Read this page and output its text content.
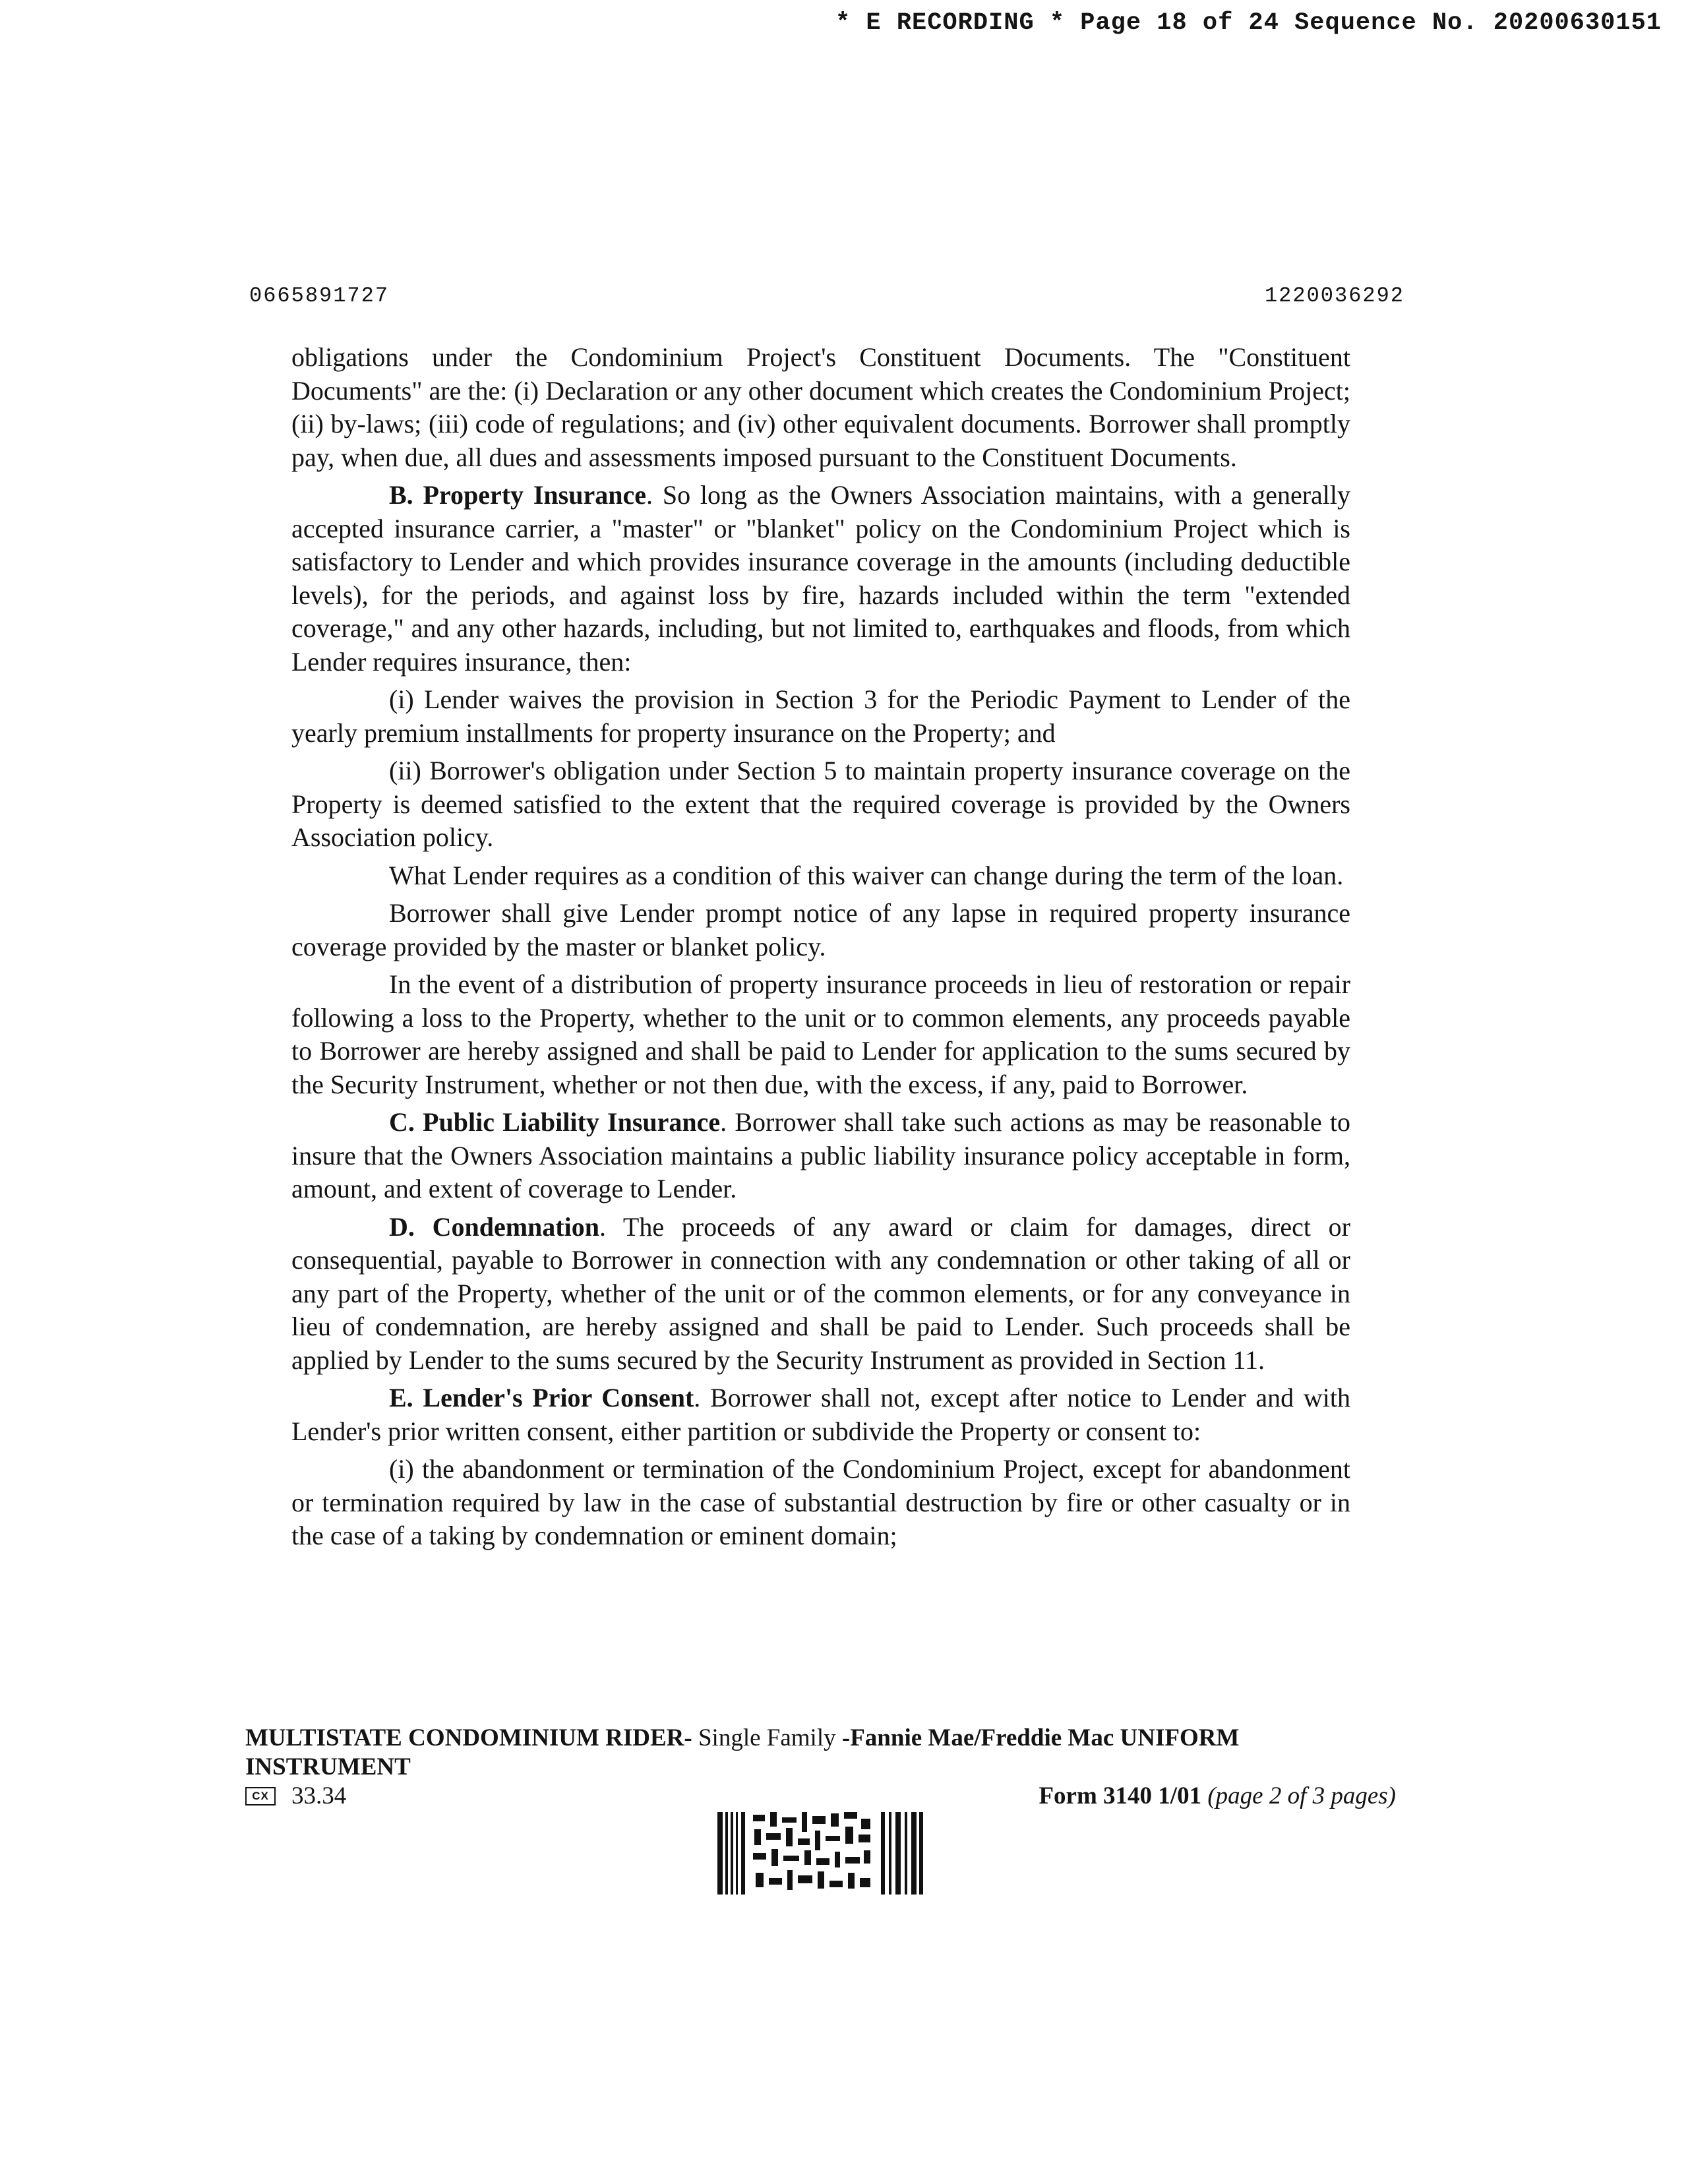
* E RECORDING * Page 18 of 24 Sequence No. 20200630151
0665891727	1220036292

obligations under the Condominium Project's Constituent Documents. The "Constituent Documents" are the: (i) Declaration or any other document which creates the Condominium Project; (ii) by-laws; (iii) code of regulations; and (iv) other equivalent documents. Borrower shall promptly pay, when due, all dues and assessments imposed pursuant to the Constituent Documents.

B. Property Insurance. So long as the Owners Association maintains, with a generally accepted insurance carrier, a "master" or "blanket" policy on the Condominium Project which is satisfactory to Lender and which provides insurance coverage in the amounts (including deductible levels), for the periods, and against loss by fire, hazards included within the term "extended coverage," and any other hazards, including, but not limited to, earthquakes and floods, from which Lender requires insurance, then:

(i) Lender waives the provision in Section 3 for the Periodic Payment to Lender of the yearly premium installments for property insurance on the Property; and

(ii) Borrower's obligation under Section 5 to maintain property insurance coverage on the Property is deemed satisfied to the extent that the required coverage is provided by the Owners Association policy.

What Lender requires as a condition of this waiver can change during the term of the loan.

Borrower shall give Lender prompt notice of any lapse in required property insurance coverage provided by the master or blanket policy.

In the event of a distribution of property insurance proceeds in lieu of restoration or repair following a loss to the Property, whether to the unit or to common elements, any proceeds payable to Borrower are hereby assigned and shall be paid to Lender for application to the sums secured by the Security Instrument, whether or not then due, with the excess, if any, paid to Borrower.

C. Public Liability Insurance. Borrower shall take such actions as may be reasonable to insure that the Owners Association maintains a public liability insurance policy acceptable in form, amount, and extent of coverage to Lender.

D. Condemnation. The proceeds of any award or claim for damages, direct or consequential, payable to Borrower in connection with any condemnation or other taking of all or any part of the Property, whether of the unit or of the common elements, or for any conveyance in lieu of condemnation, are hereby assigned and shall be paid to Lender. Such proceeds shall be applied by Lender to the sums secured by the Security Instrument as provided in Section 11.

E. Lender's Prior Consent. Borrower shall not, except after notice to Lender and with Lender's prior written consent, either partition or subdivide the Property or consent to:

(i) the abandonment or termination of the Condominium Project, except for abandonment or termination required by law in the case of substantial destruction by fire or other casualty or in the case of a taking by condemnation or eminent domain;

MULTISTATE CONDOMINIUM RIDER- Single Family -Fannie Mae/Freddie Mac UNIFORM INSTRUMENT
CX 33.34	Form 3140 1/01 (page 2 of 3 pages)
